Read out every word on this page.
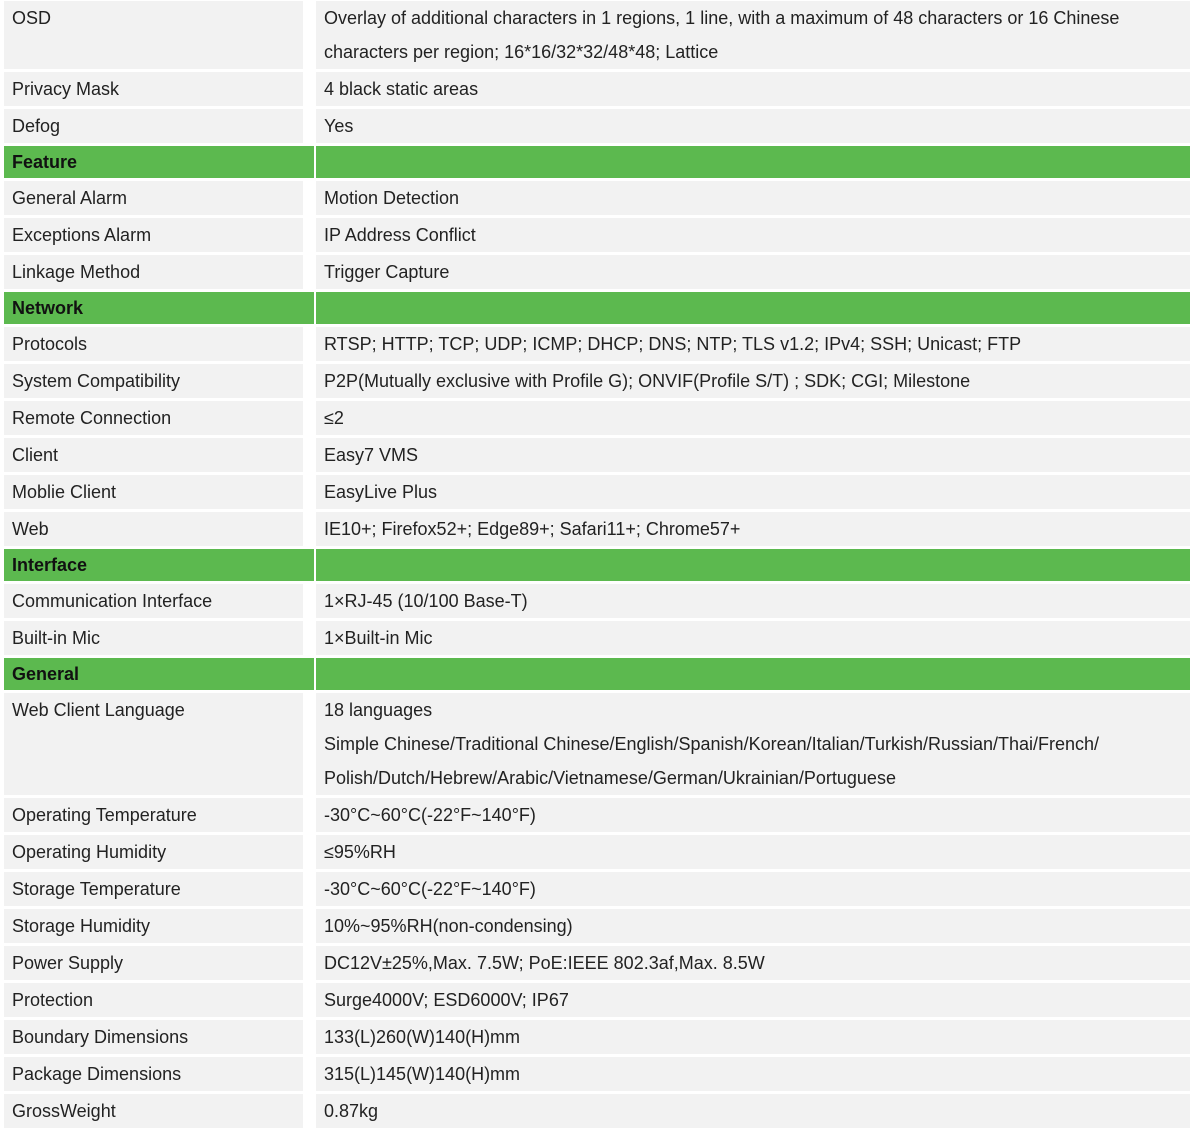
OSD	Overlay of additional characters in 1 regions, 1 line, with a maximum of 48 characters or 16 Chinese
characters per region; 16*16/32*32/48*48; Lattice

Privacy Mask	4 black static areas

Defog	Yes

Feature	
General Alarm	Motion Detection

Exceptions Alarm	IP Address Conflict

Linkage Method	Trigger Capture

Network	
Protocols	RTSP; HTTP; TCP; UDP; ICMP; DHCP; DNS; NTP; TLS v1.2; IPv4; SSH; Unicast; FTP

System Compatibility	P2P(Mutually exclusive with Profile G); ONVIF(Profile S/T) ; SDK; CGI; Milestone

Remote Connection	≤2

Client	Easy7 VMS

Moblie Client	EasyLive Plus

Web	IE10+; Firefox52+; Edge89+; Safari11+; Chrome57+

Interface	
Communication Interface	1×RJ-45 (10/100 Base-T)

Built-in Mic	1×Built-in Mic

General	
Web Client Language	18 languages
Simple Chinese/Traditional Chinese/English/Spanish/Korean/Italian/Turkish/Russian/Thai/French/
Polish/Dutch/Hebrew/Arabic/Vietnamese/German/Ukrainian/Portuguese

Operating Temperature	-30°C~60°C(-22°F~140°F)

Operating Humidity	≤95%RH

Storage Temperature	-30°C~60°C(-22°F~140°F)

Storage Humidity	10%~95%RH(non-condensing)

Power Supply	DC12V±25%,Max. 7.5W; PoE:IEEE 802.3af,Max. 8.5W

Protection	Surge4000V; ESD6000V; IP67

Boundary Dimensions	133(L)260(W)140(H)mm

Package Dimensions	315(L)145(W)140(H)mm

GrossWeight	0.87kg
